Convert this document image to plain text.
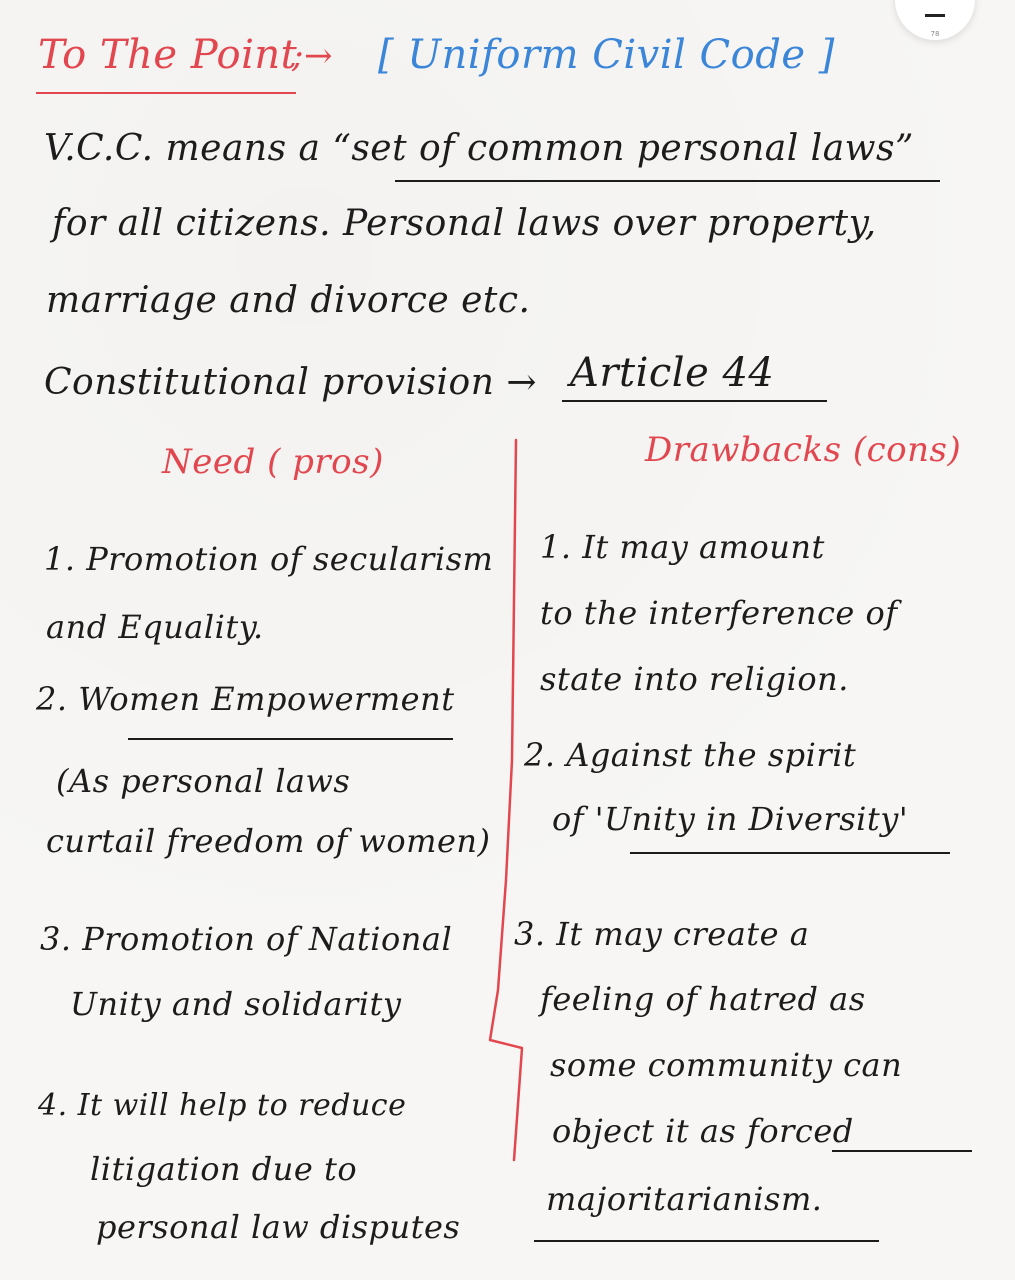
78
To The Point
;→ [ Uniform Civil Code ]
V.C.C. means a “set of common personal laws”
for all citizens. Personal laws over property,
marriage and divorce etc.
Constitutional provision → Article 44
Need ( pros)	Drawbacks (cons)
1. Promotion of secularism
and Equality.
2. Women Empowerment
(As personal laws
curtail freedom of women)
3. Promotion of National
Unity and solidarity
4. It will help to reduce
litigation due to
personal law disputes
1. It may amount
to the interference of
state into religion.
2. Against the spirit
of 'Unity in Diversity'
3. It may create a
feeling of hatred as
some community can
object it as forced
majoritarianism.
